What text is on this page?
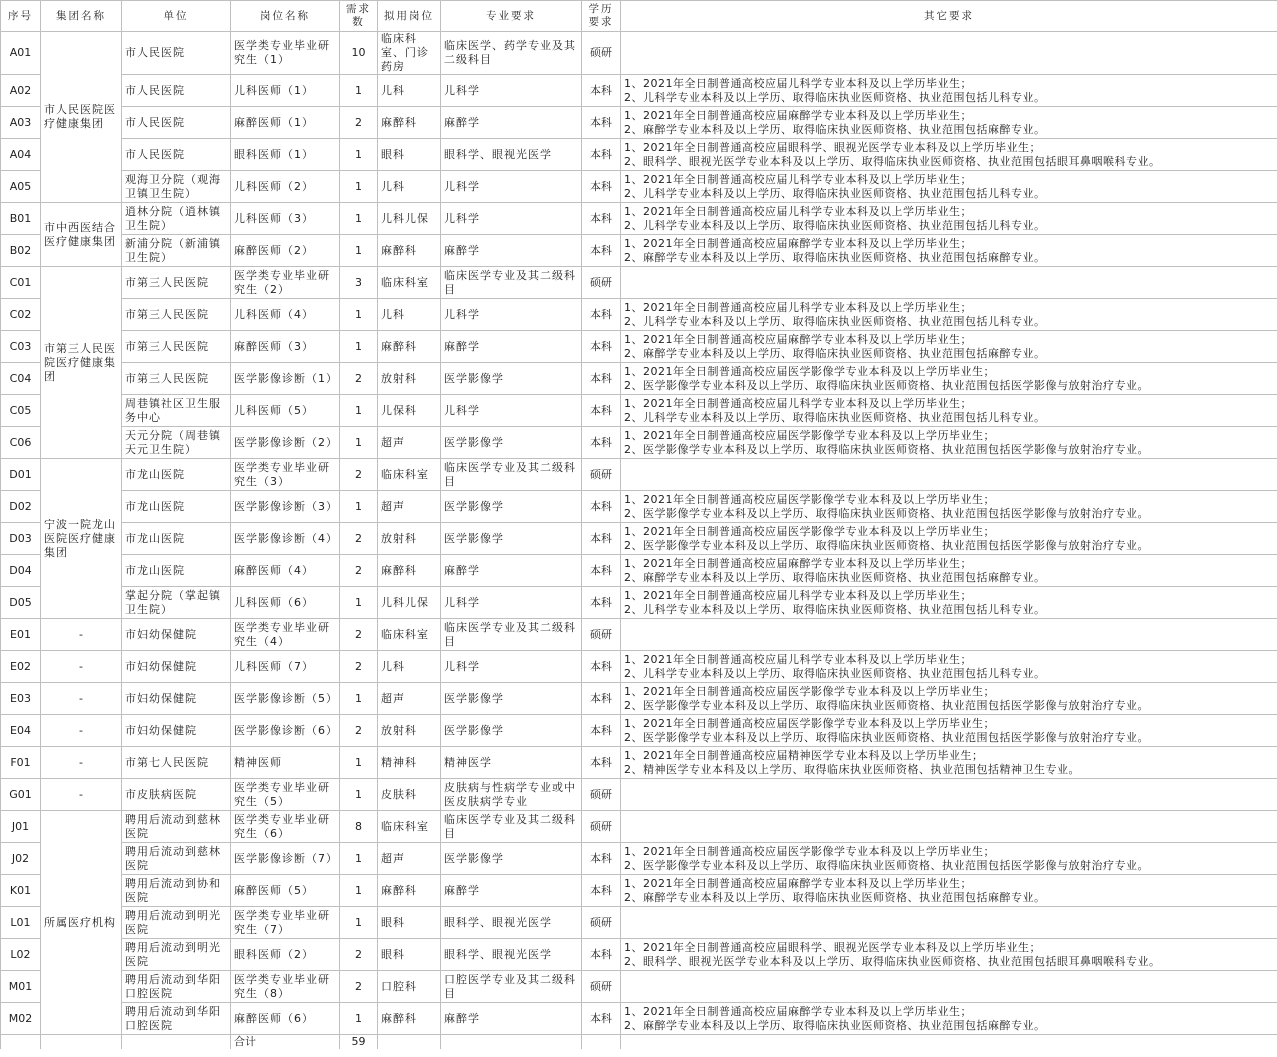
序号	集团名称	单位	岗位名称	需求数	拟用岗位	专业要求	学历要求	其它要求
A01	市人民医院医疗健康集团	市人民医院	医学类专业毕业研究生（1）	10	临床科室、门诊药房	临床医学、药学专业及其二级科目	硕研	
A02		市人民医院	儿科医师（1）	1	儿科	儿科学	本科	1、2021年全日制普通高校应届儿科学专业本科及以上学历毕业生；
2、儿科学专业本科及以上学历、取得临床执业医师资格、执业范围包括儿科专业。

A03		市人民医院	麻醉医师（1）	2	麻醉科	麻醉学	本科	1、2021年全日制普通高校应届麻醉学专业本科及以上学历毕业生；
2、麻醉学专业本科及以上学历、取得临床执业医师资格、执业范围包括麻醉专业。

A04		市人民医院	眼科医师（1）	1	眼科	眼科学、眼视光医学	本科	1、2021年全日制普通高校应届眼科学、眼视光医学专业本科及以上学历毕业生；
2、眼科学、眼视光医学专业本科及以上学历、取得临床执业医师资格、执业范围包括眼耳鼻咽喉科专业。

A05		观海卫分院（观海卫镇卫生院）	儿科医师（2）	1	儿科	儿科学	本科	1、2021年全日制普通高校应届儿科学专业本科及以上学历毕业生；
2、儿科学专业本科及以上学历、取得临床执业医师资格、执业范围包括儿科专业。

B01	市中西医结合医疗健康集团	逍林分院（逍林镇卫生院）	儿科医师（3）	1	儿科儿保	儿科学	本科	1、2021年全日制普通高校应届儿科学专业本科及以上学历毕业生；
2、儿科学专业本科及以上学历、取得临床执业医师资格、执业范围包括儿科专业。

B02		新浦分院（新浦镇卫生院）	麻醉医师（2）	1	麻醉科	麻醉学	本科	1、2021年全日制普通高校应届麻醉学专业本科及以上学历毕业生；
2、麻醉学专业本科及以上学历、取得临床执业医师资格、执业范围包括麻醉专业。

C01	市第三人民医院医疗健康集团	市第三人民医院	医学类专业毕业研究生（2）	3	临床科室	临床医学专业及其二级科目	硕研	
C02		市第三人民医院	儿科医师（4）	1	儿科	儿科学	本科	1、2021年全日制普通高校应届儿科学专业本科及以上学历毕业生；
2、儿科学专业本科及以上学历、取得临床执业医师资格、执业范围包括儿科专业。

C03		市第三人民医院	麻醉医师（3）	1	麻醉科	麻醉学	本科	1、2021年全日制普通高校应届麻醉学专业本科及以上学历毕业生；
2、麻醉学专业本科及以上学历、取得临床执业医师资格、执业范围包括麻醉专业。

C04		市第三人民医院	医学影像诊断（1）	2	放射科	医学影像学	本科	1、2021年全日制普通高校应届医学影像学专业本科及以上学历毕业生；
2、医学影像学专业本科及以上学历、取得临床执业医师资格、执业范围包括医学影像与放射治疗专业。

C05		周巷镇社区卫生服务中心	儿科医师（5）	1	儿保科	儿科学	本科	1、2021年全日制普通高校应届儿科学专业本科及以上学历毕业生；
2、儿科学专业本科及以上学历、取得临床执业医师资格、执业范围包括儿科专业。

C06		天元分院（周巷镇天元卫生院）	医学影像诊断（2）	1	超声	医学影像学	本科	1、2021年全日制普通高校应届医学影像学专业本科及以上学历毕业生；
2、医学影像学专业本科及以上学历、取得临床执业医师资格、执业范围包括医学影像与放射治疗专业。

D01	宁波一院龙山医院医疗健康集团	市龙山医院	医学类专业毕业研究生（3）	2	临床科室	临床医学专业及其二级科目	硕研	
D02		市龙山医院	医学影像诊断（3）	1	超声	医学影像学	本科	1、2021年全日制普通高校应届医学影像学专业本科及以上学历毕业生；
2、医学影像学专业本科及以上学历、取得临床执业医师资格、执业范围包括医学影像与放射治疗专业。

D03		市龙山医院	医学影像诊断（4）	2	放射科	医学影像学	本科	1、2021年全日制普通高校应届医学影像学专业本科及以上学历毕业生；
2、医学影像学专业本科及以上学历、取得临床执业医师资格、执业范围包括医学影像与放射治疗专业。

D04		市龙山医院	麻醉医师（4）	2	麻醉科	麻醉学	本科	1、2021年全日制普通高校应届麻醉学专业本科及以上学历毕业生；
2、麻醉学专业本科及以上学历、取得临床执业医师资格、执业范围包括麻醉专业。

D05		掌起分院（掌起镇卫生院）	儿科医师（6）	1	儿科儿保	儿科学	本科	1、2021年全日制普通高校应届儿科学专业本科及以上学历毕业生；
2、儿科学专业本科及以上学历、取得临床执业医师资格、执业范围包括儿科专业。

E01	-	市妇幼保健院	医学类专业毕业研究生（4）	2	临床科室	临床医学专业及其二级科目	硕研	
E02	-	市妇幼保健院	儿科医师（7）	2	儿科	儿科学	本科	1、2021年全日制普通高校应届儿科学专业本科及以上学历毕业生；
2、儿科学专业本科及以上学历、取得临床执业医师资格、执业范围包括儿科专业。

E03	-	市妇幼保健院	医学影像诊断（5）	1	超声	医学影像学	本科	1、2021年全日制普通高校应届医学影像学专业本科及以上学历毕业生；
2、医学影像学专业本科及以上学历、取得临床执业医师资格、执业范围包括医学影像与放射治疗专业。

E04	-	市妇幼保健院	医学影像诊断（6）	2	放射科	医学影像学	本科	1、2021年全日制普通高校应届医学影像学专业本科及以上学历毕业生；
2、医学影像学专业本科及以上学历、取得临床执业医师资格、执业范围包括医学影像与放射治疗专业。

F01	-	市第七人民医院	精神医师	1	精神科	精神医学	本科	1、2021年全日制普通高校应届精神医学专业本科及以上学历毕业生；
2、精神医学专业本科及以上学历、取得临床执业医师资格、执业范围包括精神卫生专业。

G01	-	市皮肤病医院	医学类专业毕业研究生（5）	1	皮肤科	皮肤病与性病学专业或中医皮肤病学专业	硕研	
J01	所属医疗机构	聘用后流动到慈林医院	医学类专业毕业研究生（6）	8	临床科室	临床医学专业及其二级科目	硕研	
J02		聘用后流动到慈林医院	医学影像诊断（7）	1	超声	医学影像学	本科	1、2021年全日制普通高校应届医学影像学专业本科及以上学历毕业生；
2、医学影像学专业本科及以上学历、取得临床执业医师资格、执业范围包括医学影像与放射治疗专业。

K01		聘用后流动到协和医院	麻醉医师（5）	1	麻醉科	麻醉学	本科	1、2021年全日制普通高校应届麻醉学专业本科及以上学历毕业生；
2、麻醉学专业本科及以上学历、取得临床执业医师资格、执业范围包括麻醉专业。

L01		聘用后流动到明光医院	医学类专业毕业研究生（7）	1	眼科	眼科学、眼视光医学	硕研	
L02		聘用后流动到明光医院	眼科医师（2）	2	眼科	眼科学、眼视光医学	本科	1、2021年全日制普通高校应届眼科学、眼视光医学专业本科及以上学历毕业生；
2、眼科学、眼视光医学专业本科及以上学历、取得临床执业医师资格、执业范围包括眼耳鼻咽喉科专业。

M01		聘用后流动到华阳口腔医院	医学类专业毕业研究生（8）	2	口腔科	口腔医学专业及其二级科目	硕研	
M02		聘用后流动到华阳口腔医院	麻醉医师（6）	1	麻醉科	麻醉学	本科	1、2021年全日制普通高校应届麻醉学专业本科及以上学历毕业生；
2、麻醉学专业本科及以上学历、取得临床执业医师资格、执业范围包括麻醉专业。

			合计	59				
